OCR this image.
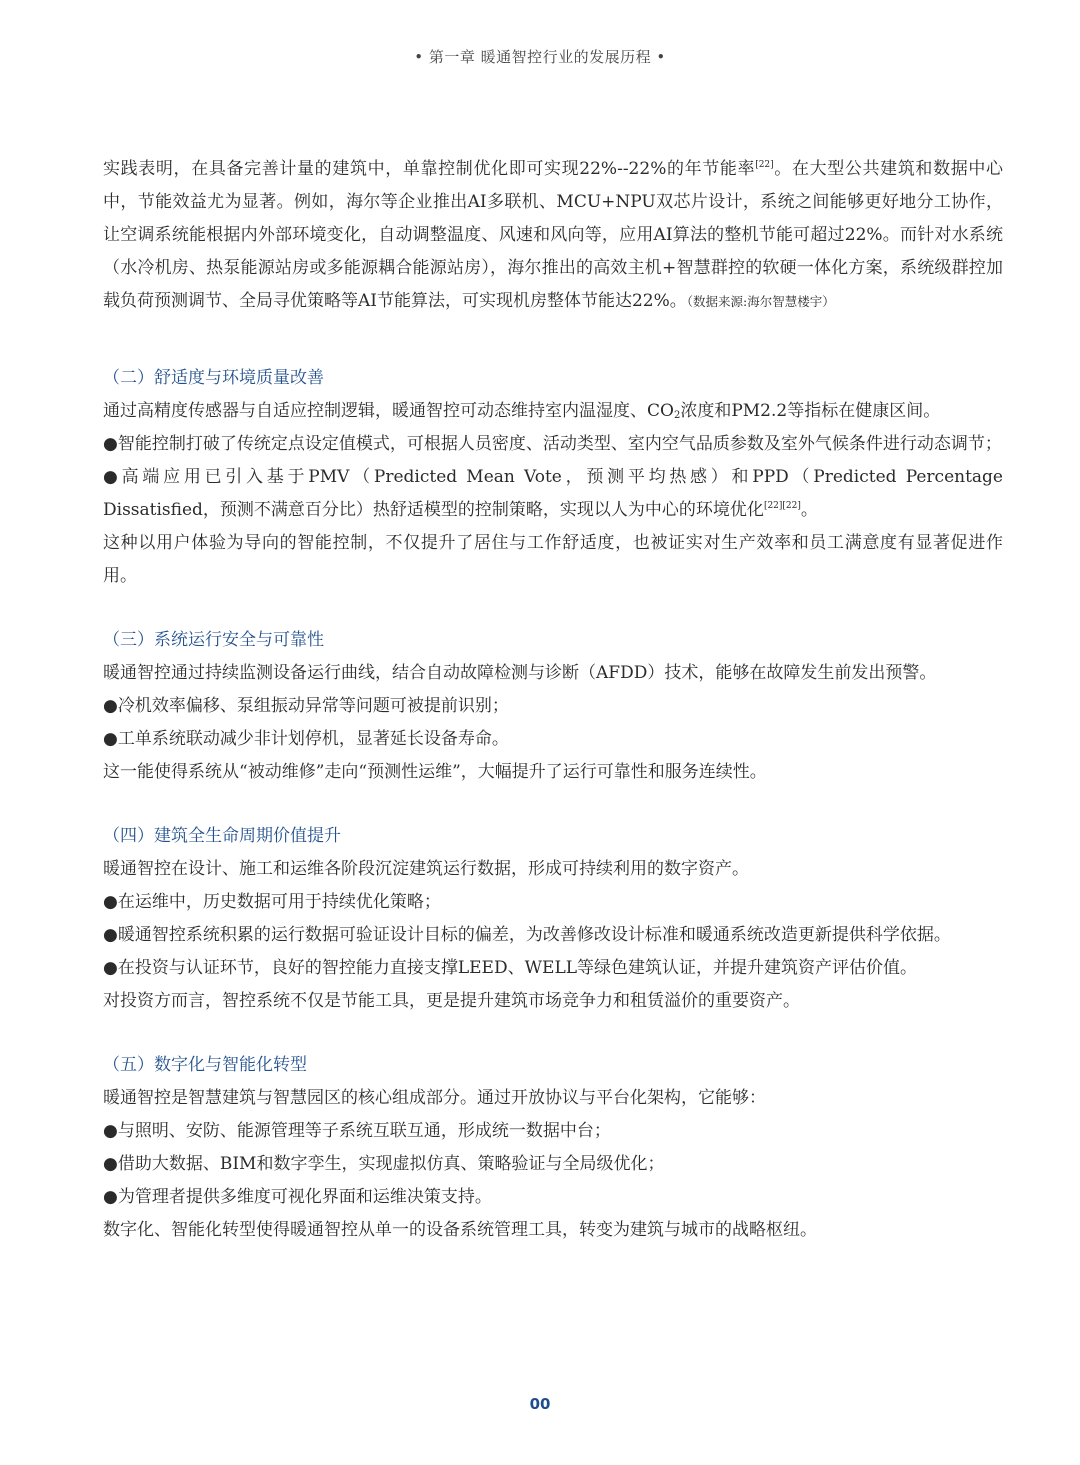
• 第一章 暖通智控行业的发展历程 •

实践表明，在具备完善计量的建筑中，单靠控制优化即可实现22%--22%的年节能率[22]。在大型公共建筑和数据中心中，节能效益尤为显著。例如，海尔等企业推出AI多联机、MCU+NPU双芯片设计，系统之间能够更好地分工协作，让空调系统能根据内外部环境变化，自动调整温度、风速和风向等，应用AI算法的整机节能可超过22%。而针对水系统（水冷机房、热泵能源站房或多能源耦合能源站房），海尔推出的高效主机+智慧群控的软硬一体化方案，系统级群控加载负荷预测调节、全局寻优策略等AI节能算法，可实现机房整体节能达22%。（数据来源:海尔智慧楼宇）

（二）舒适度与环境质量改善

通过高精度传感器与自适应控制逻辑，暖通智控可动态维持室内温湿度、$CO_2$浓度和PM2.2等指标在健康区间。

●智能控制打破了传统定点设定值模式，可根据人员密度、活动类型、室内空气品质参数及室外气候条件进行动态调节；

●高端应用已引入基于PMV（Predicted Mean Vote，预测平均热感）和PPD（Predicted Percentage Dissatisfied，预测不满意百分比）热舒适模型的控制策略，实现以人为中心的环境优化[22][22]。

这种以用户体验为导向的智能控制，不仅提升了居住与工作舒适度，也被证实对生产效率和员工满意度有显著促进作用。

（三）系统运行安全与可靠性

暖通智控通过持续监测设备运行曲线，结合自动故障检测与诊断（AFDD）技术，能够在故障发生前发出预警。

●冷机效率偏移、泵组振动异常等问题可被提前识别；

●工单系统联动减少非计划停机，显著延长设备寿命。

这一能使得系统从“被动维修”走向“预测性运维”，大幅提升了运行可靠性和服务连续性。

（四）建筑全生命周期价值提升

暖通智控在设计、施工和运维各阶段沉淀建筑运行数据，形成可持续利用的数字资产。

●在运维中，历史数据可用于持续优化策略；

●暖通智控系统积累的运行数据可验证设计目标的偏差，为改善修改设计标准和暖通系统改造更新提供科学依据。

●在投资与认证环节，良好的智控能力直接支撑LEED、WELL等绿色建筑认证，并提升建筑资产评估价值。

对投资方而言，智控系统不仅是节能工具，更是提升建筑市场竞争力和租赁溢价的重要资产。

（五）数字化与智能化转型

暖通智控是智慧建筑与智慧园区的核心组成部分。通过开放协议与平台化架构，它能够：

●与照明、安防、能源管理等子系统互联互通，形成统一数据中台；

●借助大数据、BIM和数字孪生，实现虚拟仿真、策略验证与全局级优化；

●为管理者提供多维度可视化界面和运维决策支持。

数字化、智能化转型使得暖通智控从单一的设备系统管理工具，转变为建筑与城市的战略枢纽。

00
